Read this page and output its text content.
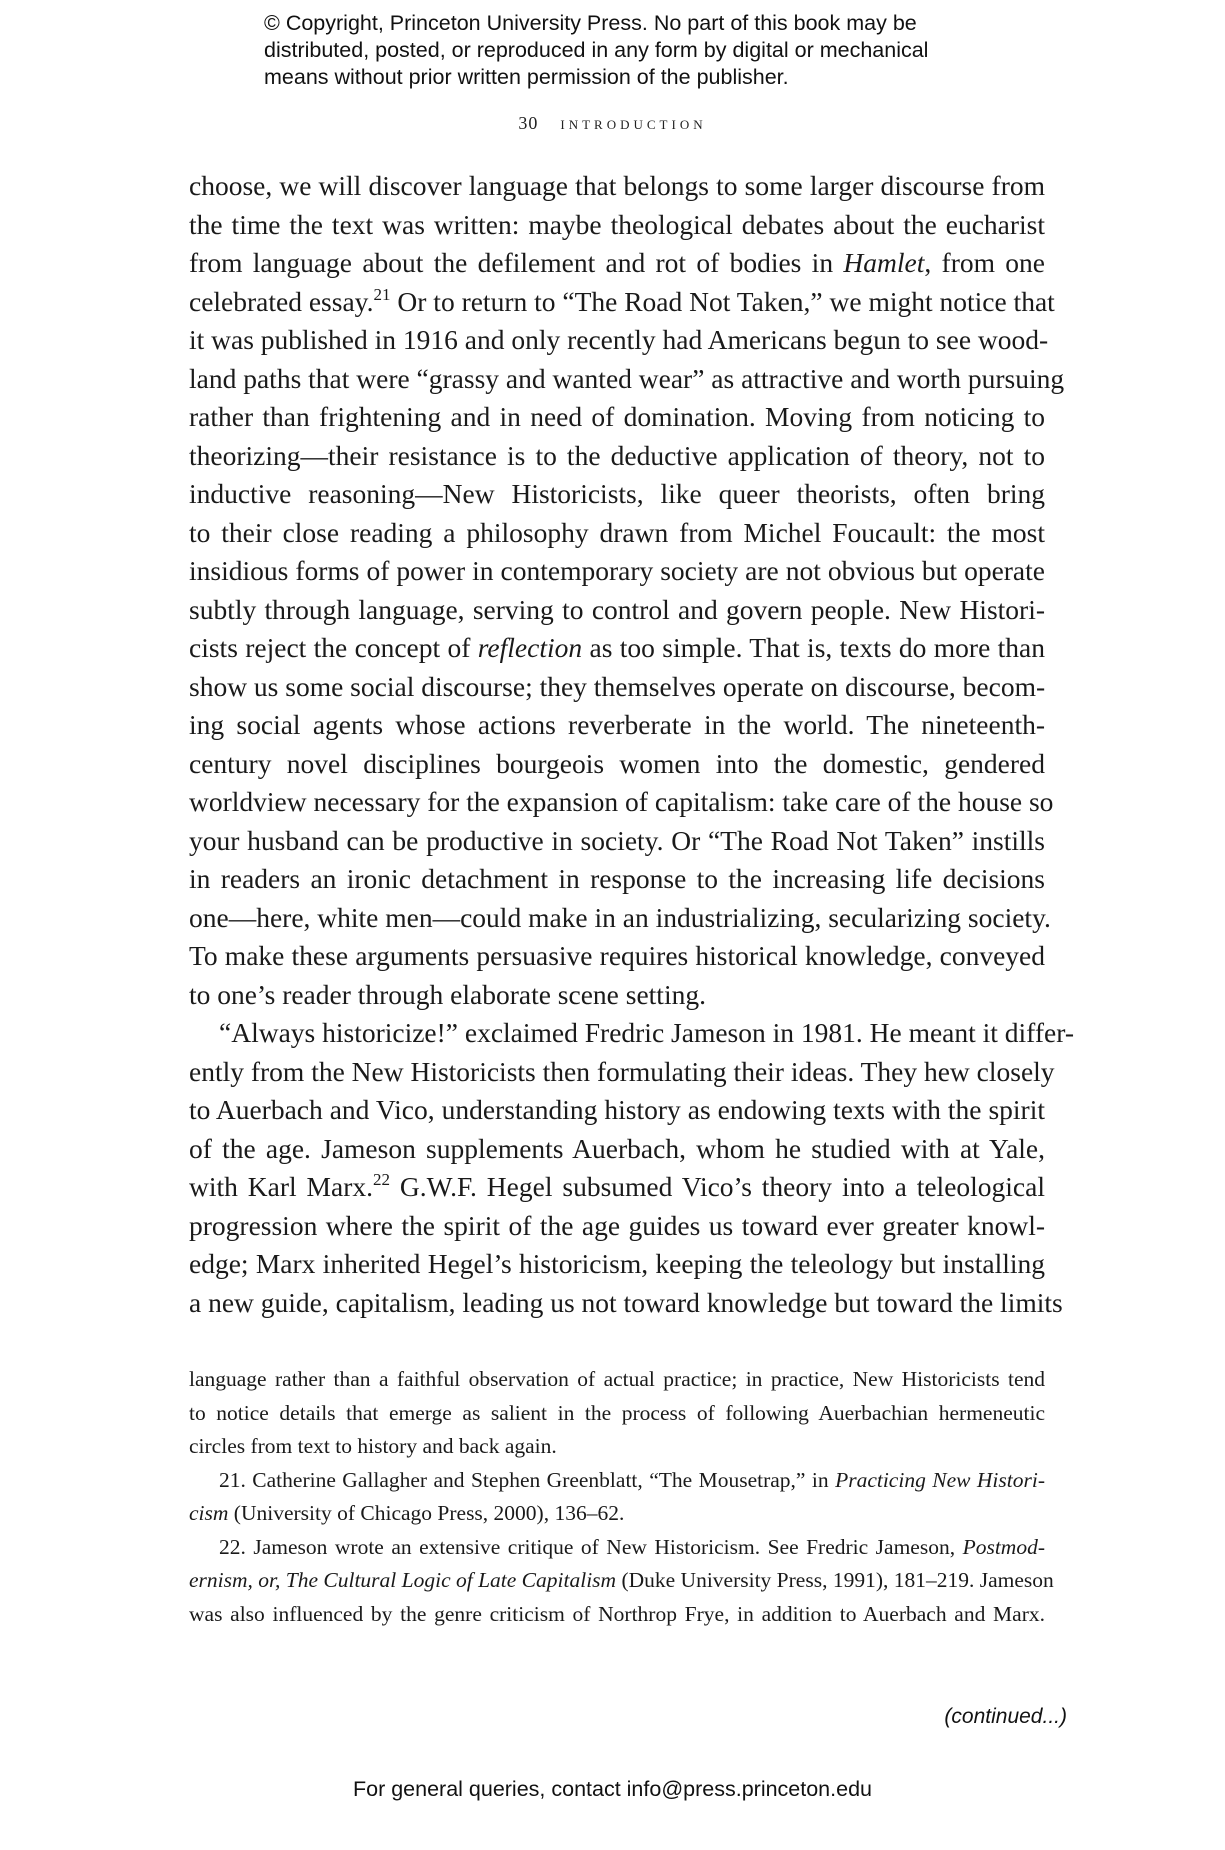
© Copyright, Princeton University Press. No part of this book may be
distributed, posted, or reproduced in any form by digital or mechanical
means without prior written permission of the publisher.
30 introduction
choose, we will discover language that belongs to some larger discourse from
the time the text was written: maybe theological debates about the eucharist
from language about the defilement and rot of bodies in Hamlet, from one
celebrated essay.$^{21}$ Or to return to “The Road Not Taken,” we might notice that
it was published in 1916 and only recently had Americans begun to see wood-
land paths that were “grassy and wanted wear” as attractive and worth pursuing
rather than frightening and in need of domination. Moving from noticing to
theorizing—their resistance is to the deductive application of theory, not to
inductive reasoning—New Historicists, like queer theorists, often bring
to their close reading a philosophy drawn from Michel Foucault: the most
insidious forms of power in contemporary society are not obvious but operate
subtly through language, serving to control and govern people. New Histori-
cists reject the concept of reflection as too simple. That is, texts do more than
show us some social discourse; they themselves operate on discourse, becom-
ing social agents whose actions reverberate in the world. The nineteenth-
century novel disciplines bourgeois women into the domestic, gendered
worldview necessary for the expansion of capitalism: take care of the house so
your husband can be productive in society. Or “The Road Not Taken” instills
in readers an ironic detachment in response to the increasing life decisions
one—here, white men—could make in an industrializing, secularizing society.
To make these arguments persuasive requires historical knowledge, conveyed
to one’s reader through elaborate scene setting.
“Always historicize!” exclaimed Fredric Jameson in 1981. He meant it differ-
ently from the New Historicists then formulating their ideas. They hew closely
to Auerbach and Vico, understanding history as endowing texts with the spirit
of the age. Jameson supplements Auerbach, whom he studied with at Yale,
with Karl Marx.$^{22}$ G.W.F. Hegel subsumed Vico’s theory into a teleological
progression where the spirit of the age guides us toward ever greater knowl-
edge; Marx inherited Hegel’s historicism, keeping the teleology but installing
a new guide, capitalism, leading us not toward knowledge but toward the limits
language rather than a faithful observation of actual practice; in practice, New Historicists tend
to notice details that emerge as salient in the process of following Auerbachian hermeneutic
circles from text to history and back again.
21. Catherine Gallagher and Stephen Greenblatt, “The Mousetrap,” in Practicing New Histori-
cism (University of Chicago Press, 2000), 136–62.
22. Jameson wrote an extensive critique of New Historicism. See Fredric Jameson, Postmod-
ernism, or, The Cultural Logic of Late Capitalism (Duke University Press, 1991), 181–219. Jameson
was also influenced by the genre criticism of Northrop Frye, in addition to Auerbach and Marx.
(continued...)
For general queries, contact info@press.princeton.edu
